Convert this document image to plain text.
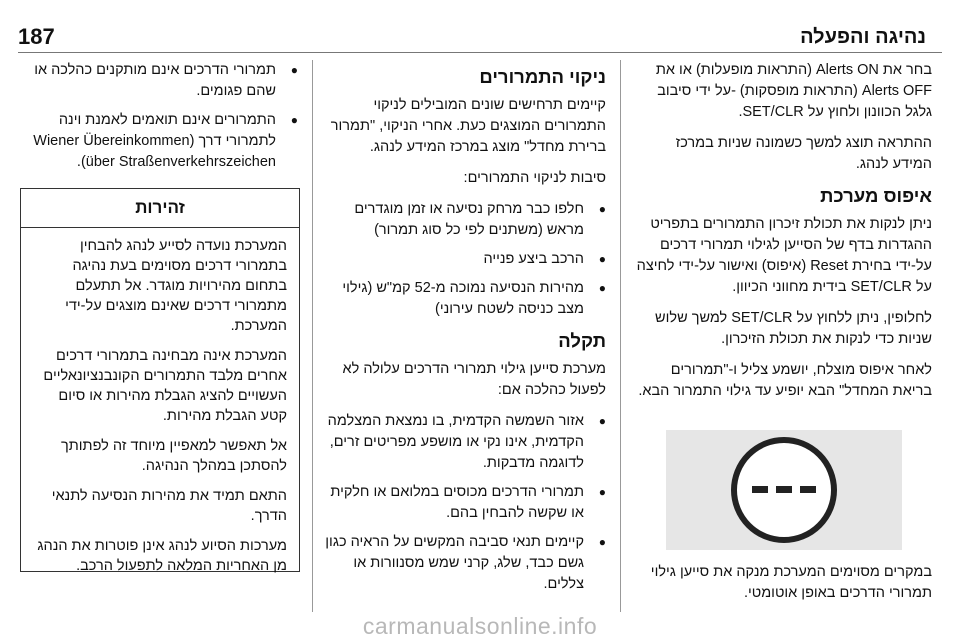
187	נהיגה והפעלה

בחר את Alerts ON (התראות מופעלות) או את Alerts OFF (התראות מופסקות) -על ידי סיבוב גלגל הכוונון ולחוץ על SET/CLR.

ההתראה תוצג למשך כשמונה שניות במרכז המידע לנהג.

איפוס מערכת

ניתן לנקות את תכולת זיכרון התמרורים בתפריט ההגדרות בדף של הסייען לגילוי תמרורי דרכים על-ידי בחירת Reset (איפוס) ואישור על-ידי לחיצה על SET/CLR בידית מחווני הכיוון.

לחלופין, ניתן ללחוץ על SET/CLR למשך שלוש שניות כדי לנקות את תכולת הזיכרון.

לאחר איפוס מוצלח, יושמע צליל ו-"תמרורים בריאת המחדל" הבא יופיע עד גילוי התמרור הבא.

במקרים מסוימים המערכת מנקה את סייען גילוי תמרורי הדרכים באופן אוטומטי.

ניקוי התמרורים

קיימים תרחישים שונים המובילים לניקוי התמרורים המוצגים כעת. אחרי הניקוי, "תמרור ברירת מחדל" מוצג במרכז המידע לנהג.

סיבות לניקוי התמרורים:

● חלפו כבר מרחק נסיעה או זמן מוגדרים מראש (משתנים לפי כל סוג תמרור)
● הרכב ביצע פנייה
● מהירות הנסיעה נמוכה מ-52 קמ"ש (גילוי מצב כניסה לשטח עירוני)
תקלה

מערכת סייען גילוי תמרורי הדרכים עלולה לא לפעול כהלכה אם:

● אזור השמשה הקדמית, בו נמצאת המצלמה הקדמית, אינו נקי או מושפע מפריטים זרים, לדוגמה מדבקות.
● תמרורי הדרכים מכוסים במלואם או חלקית או שקשה להבחין בהם.
● קיימים תנאי סביבה המקשים על הראיה כגון גשם כבד, שלג, קרני שמש מסנוורות או צללים.
● תמרורי הדרכים אינם מותקנים כהלכה או שהם פגומים.
● התמרורים אינם תואמים לאמנת וינה לתמרורי דרך (Wiener Übereinkommen über Straßenverkehrszeichen).
זהירות

המערכת נועדה לסייע לנהג להבחין בתמרורי דרכים מסוימים בעת נהיגה בתחום מהירויות מוגדר. אל תתעלם מתמרורי דרכים שאינם מוצגים על-ידי המערכת.

המערכת אינה מבחינה בתמרורי דרכים אחרים מלבד התמרורים הקונבנציונאליים העשויים להציג הגבלת מהירות או סיום קטע הגבלת מהירות.

אל תאפשר למאפיין מיוחד זה לפתותך להסתכן במהלך הנהיגה.

התאם תמיד את מהירות הנסיעה לתנאי הדרך.

מערכות הסיוע לנהג אינן פוטרות את הנהג מן האחריות המלאה לתפעול הרכב.

carmanualsonline.info
